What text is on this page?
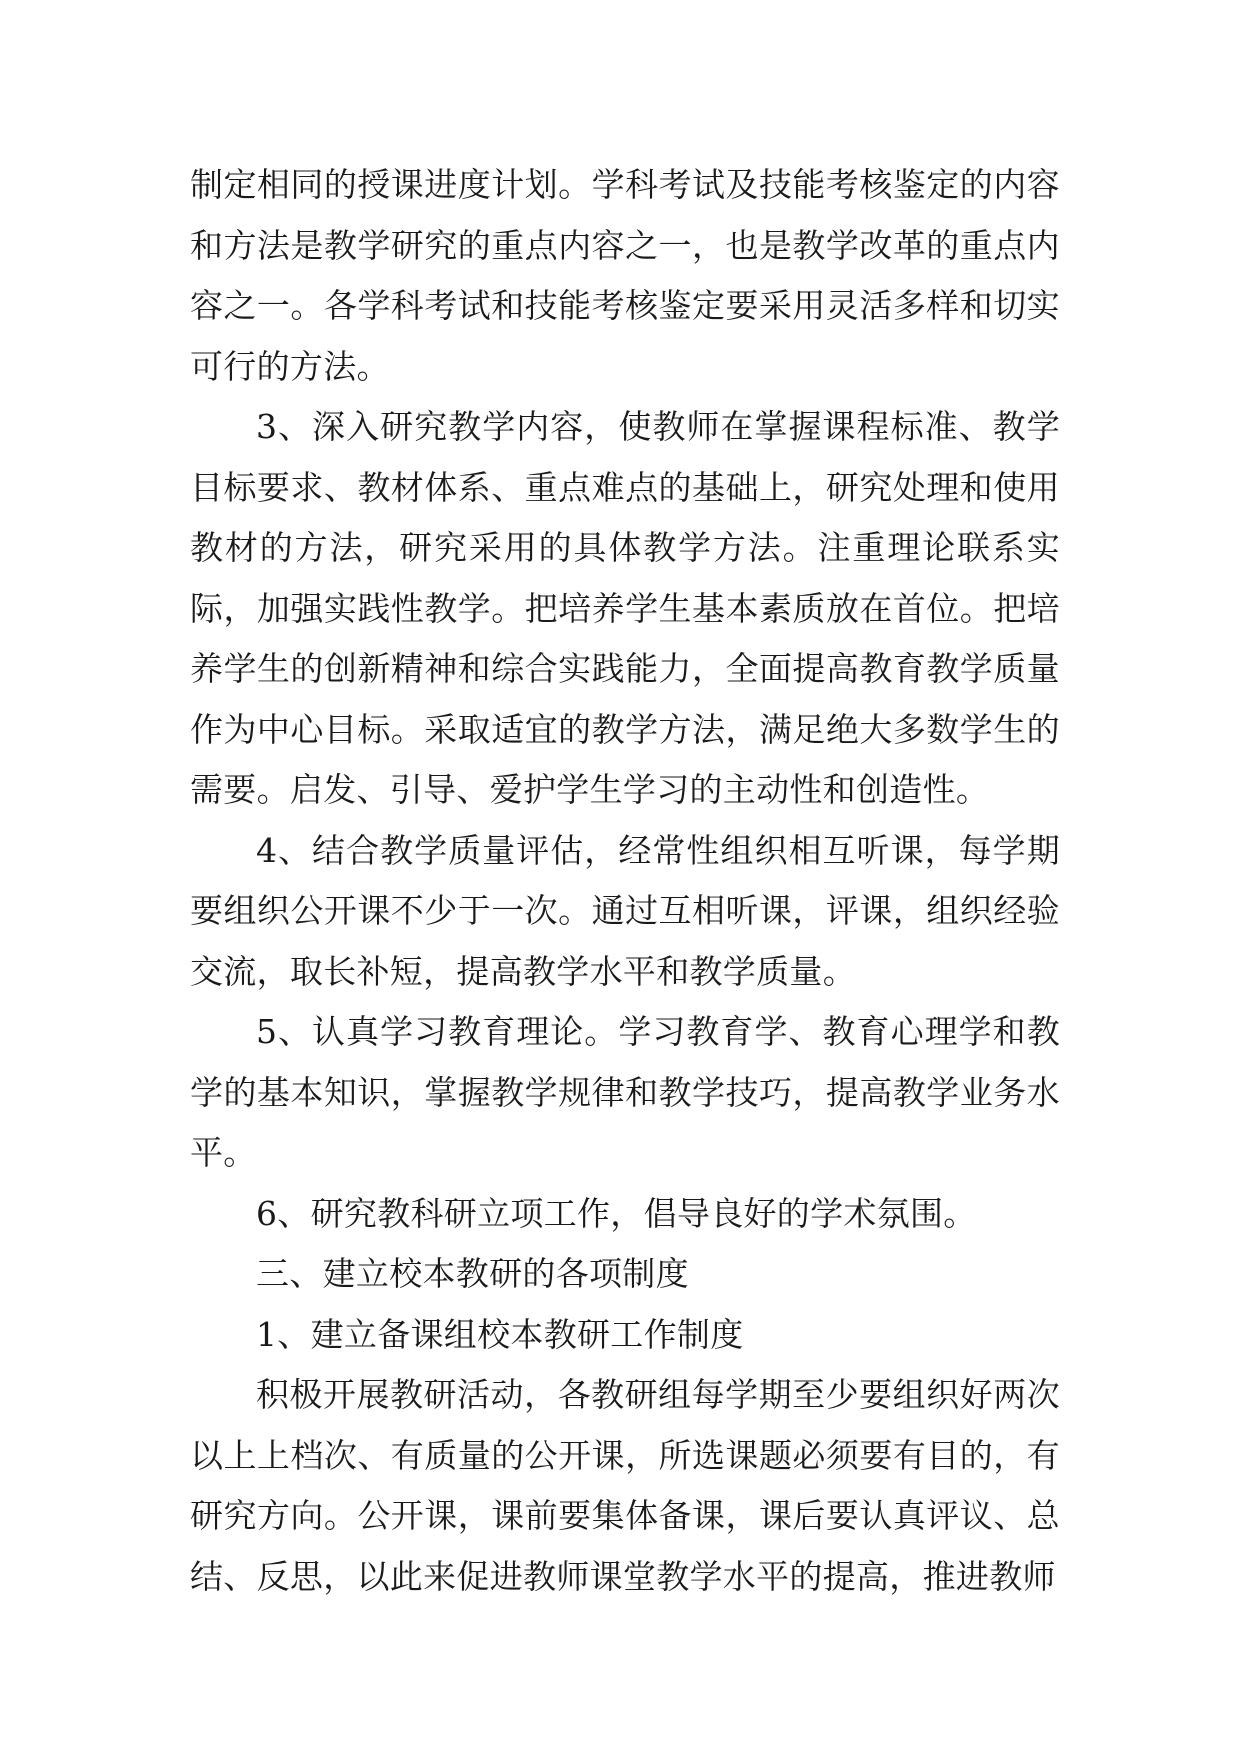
制定相同的授课进度计划。学科考试及技能考核鉴定的内容和方法是教学研究的重点内容之一，也是教学改革的重点内容之一。各学科考试和技能考核鉴定要采用灵活多样和切实可行的方法。

3、深入研究教学内容，使教师在掌握课程标准、教学目标要求、教材体系、重点难点的基础上，研究处理和使用教材的方法，研究采用的具体教学方法。注重理论联系实际，加强实践性教学。把培养学生基本素质放在首位。把培养学生的创新精神和综合实践能力，全面提高教育教学质量作为中心目标。采取适宜的教学方法，满足绝大多数学生的需要。启发、引导、爱护学生学习的主动性和创造性。

4、结合教学质量评估，经常性组织相互听课，每学期要组织公开课不少于一次。通过互相听课，评课，组织经验交流，取长补短，提高教学水平和教学质量。

5、认真学习教育理论。学习教育学、教育心理学和教学的基本知识，掌握教学规律和教学技巧，提高教学业务水平。

6、研究教科研立项工作，倡导良好的学术氛围。

三、建立校本教研的各项制度

1、建立备课组校本教研工作制度

积极开展教研活动，各教研组每学期至少要组织好两次以上上档次、有质量的公开课，所选课题必须要有目的，有研究方向。公开课，课前要集体备课，课后要认真评议、总结、反思，以此来促进教师课堂教学水平的提高，推进教师
